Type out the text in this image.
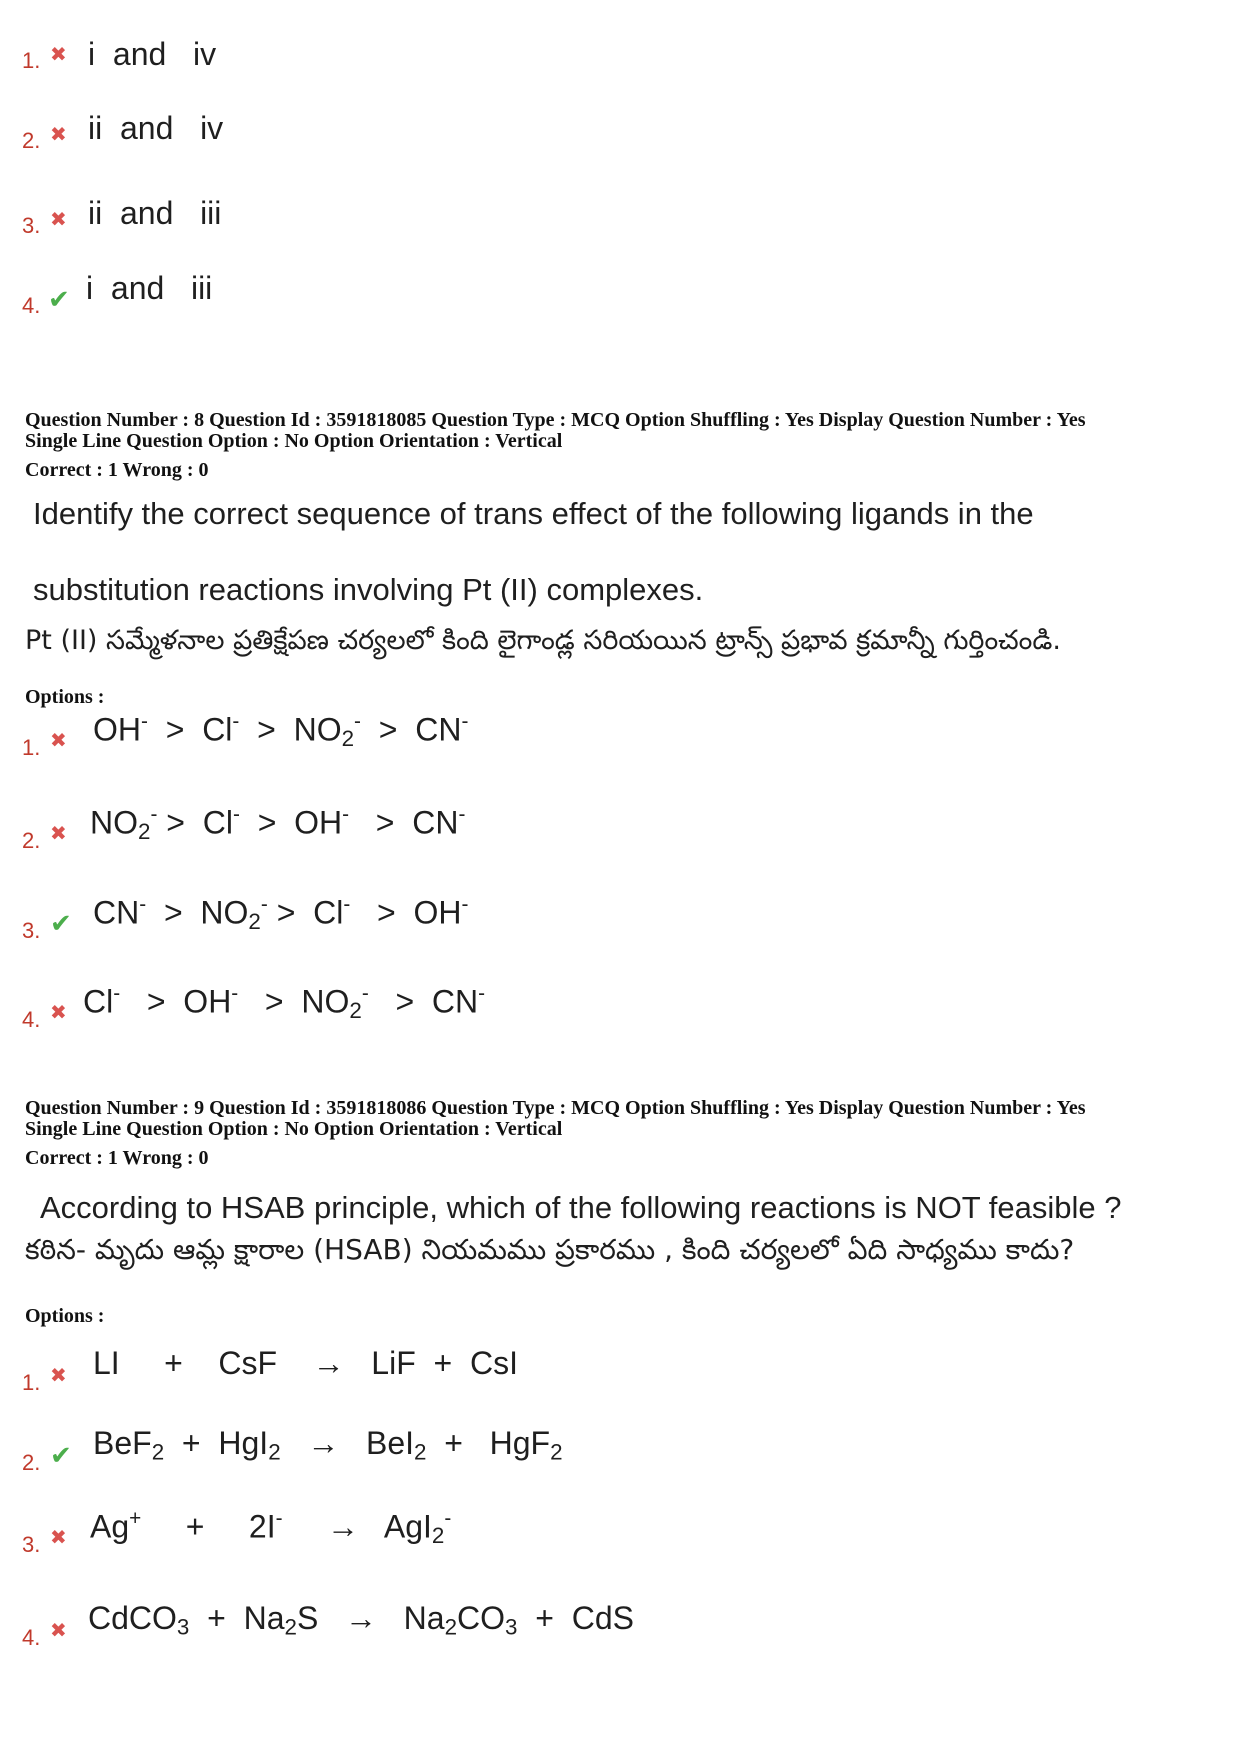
1. ✖ i  and   iv
2. ✖ ii  and   iv
3. ✖ ii  and   iii
4. ✔ i  and   iii
Question Number : 8 Question Id : 3591818085 Question Type : MCQ Option Shuffling : Yes Display Question Number : Yes
Single Line Question Option : No Option Orientation : Vertical
Correct : 1 Wrong : 0
Identify the correct sequence of trans effect of the following ligands in the
substitution reactions involving Pt (II) complexes.
Pt (II) సమ్మేళనాల ప్రతిక్షేపణ చర్యలలో కింది లైగాండ్ల సరియయిన ట్రాన్స్ ప్రభావ క్రమాన్నీ గుర్తించండి.
Options :
1. ✖ $OH^- > Cl^- > NO_2^- > CN^-$
2. ✖ $NO_2^- > Cl^- > OH^- > CN^-$
3. ✔ $CN^- > NO_2^- > Cl^- > OH^-$
4. ✖ $Cl^- > OH^- > NO_2^- > CN^-$
Question Number : 9 Question Id : 3591818086 Question Type : MCQ Option Shuffling : Yes Display Question Number : Yes
Single Line Question Option : No Option Orientation : Vertical
Correct : 1 Wrong : 0
According to HSAB principle, which of the following reactions is NOT feasible ?
కఠిన- మృదు ఆమ్ల క్షారాల (HSAB) నియమము ప్రకారము , కింది చర్యలలో ఏది సాధ్యము కాదు?
Options :
1. ✖ LI + CsF → LiF + CsI
2. ✔ BeF$_2$ + HgI$_2$ → BeI$_2$ + HgF$_2$
3. ✖ Ag+ + 2I- → AgI$_2$-
4. ✖ CdCO$_3$ + $Na_2S \to Na_2CO_3$ + CdS
